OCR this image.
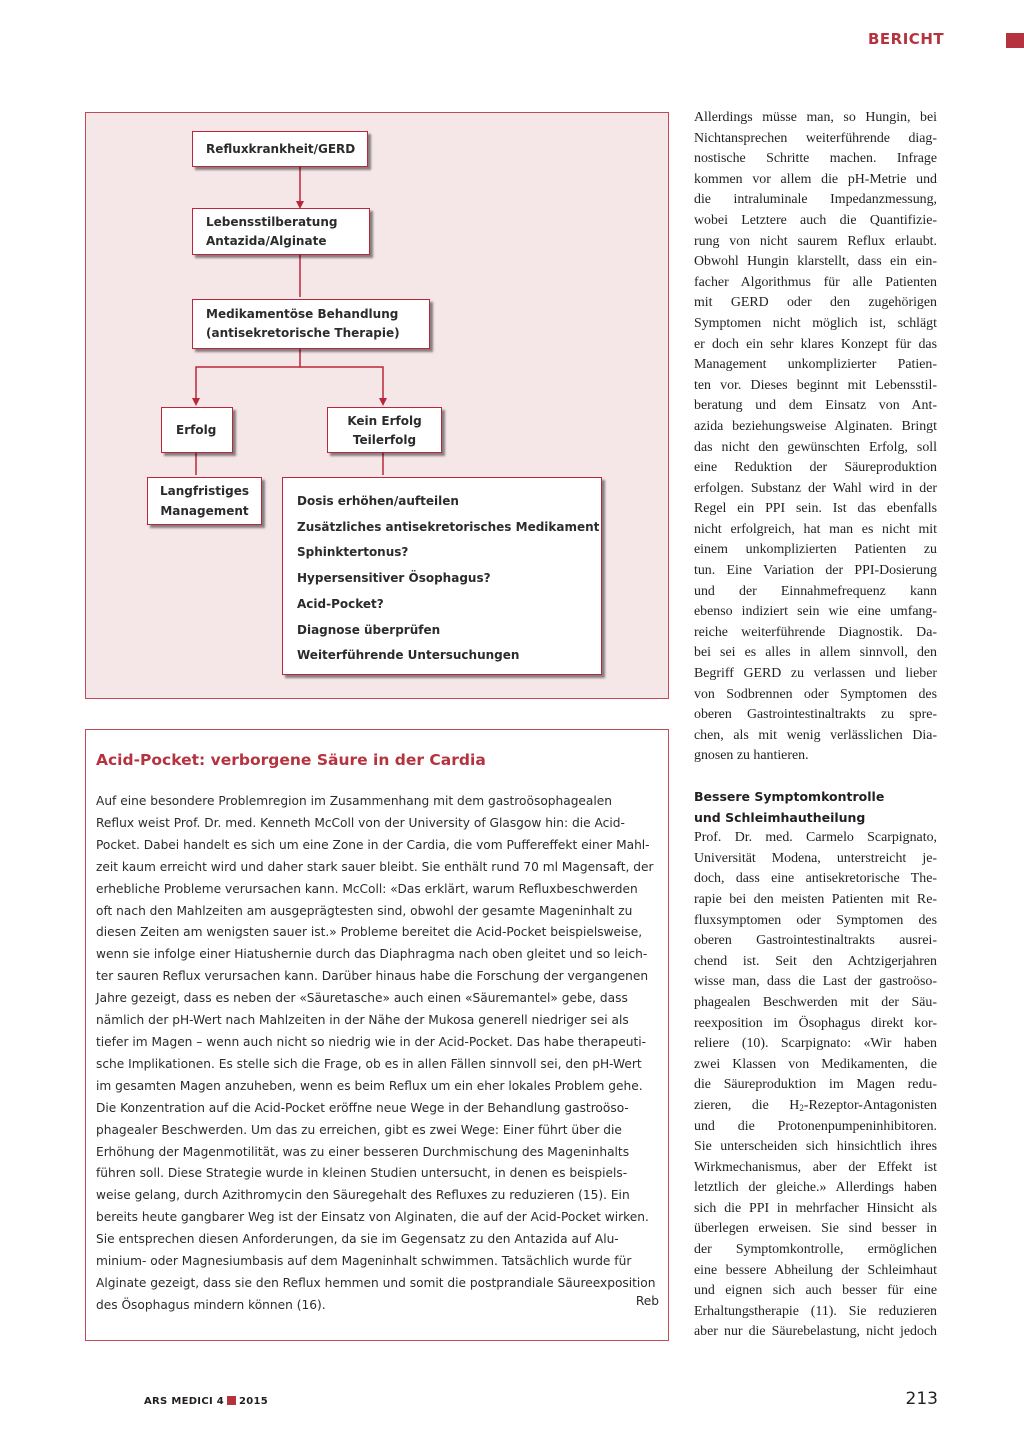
BERICHT
Refluxkrankheit/GERD
Lebensstilberatung
Antazida/Alginate
Medikamentöse Behandlung
(antisekretorische Therapie)
Erfolg
Kein Erfolg
Teilerfolg
Langfristiges
Management
Dosis erhöhen/aufteilen
Zusätzliches antisekretorisches Medikament
Sphinktertonus?
Hypersensitiver Ösophagus?
Acid-Pocket?
Diagnose überprüfen
Weiterführende Untersuchungen
Acid-Pocket: verborgene Säure in der Cardia
Auf eine besondere Problemregion im Zusammenhang mit dem gastroösophagealen
Reflux weist Prof. Dr. med. Kenneth McColl von der University of Glasgow hin: die Acid-
Pocket. Dabei handelt es sich um eine Zone in der Cardia, die vom Puffereffekt einer Mahl-
zeit kaum erreicht wird und daher stark sauer bleibt. Sie enthält rund 70 ml Magensaft, der
erhebliche Probleme verursachen kann. McColl: «Das erklärt, warum Refluxbeschwerden
oft nach den Mahlzeiten am ausgeprägtesten sind, obwohl der gesamte Mageninhalt zu
diesen Zeiten am wenigsten sauer ist.» Probleme bereitet die Acid-Pocket beispielsweise,
wenn sie infolge einer Hiatushernie durch das Diaphragma nach oben gleitet und so leich-
ter sauren Reflux verursachen kann. Darüber hinaus habe die Forschung der vergangenen
Jahre gezeigt, dass es neben der «Säuretasche» auch einen «Säuremantel» gebe, dass
nämlich der pH-Wert nach Mahlzeiten in der Nähe der Mukosa generell niedriger sei als
tiefer im Magen – wenn auch nicht so niedrig wie in der Acid-Pocket. Das habe therapeuti-
sche Implikationen. Es stelle sich die Frage, ob es in allen Fällen sinnvoll sei, den pH-Wert
im gesamten Magen anzuheben, wenn es beim Reflux um ein eher lokales Problem gehe.
Die Konzentration auf die Acid-Pocket eröffne neue Wege in der Behandlung gastroöso-
phagealer Beschwerden. Um das zu erreichen, gibt es zwei Wege: Einer führt über die
Erhöhung der Magenmotilität, was zu einer besseren Durchmischung des Mageninhalts
führen soll. Diese Strategie wurde in kleinen Studien untersucht, in denen es beispiels-
weise gelang, durch Azithromycin den Säuregehalt des Refluxes zu reduzieren (15). Ein
bereits heute gangbarer Weg ist der Einsatz von Alginaten, die auf der Acid-Pocket wirken.
Sie entsprechen diesen Anforderungen, da sie im Gegensatz zu den Antazida auf Alu-
minium- oder Magnesiumbasis auf dem Mageninhalt schwimmen. Tatsächlich wurde für
Alginate gezeigt, dass sie den Reflux hemmen und somit die postprandiale Säureexposition
des Ösophagus mindern können (16).	Reb
Allerdings müsse man, so Hungin, bei
Nichtansprechen weiterführende diag-
nostische Schritte machen. Infrage
kommen vor allem die pH-Metrie und
die intraluminale Impedanzmessung,
wobei Letztere auch die Quantifizie-
rung von nicht saurem Reflux erlaubt.
Obwohl Hungin klarstellt, dass ein ein-
facher Algorithmus für alle Patienten
mit GERD oder den zugehörigen
Symptomen nicht möglich ist, schlägt
er doch ein sehr klares Konzept für das
Management unkomplizierter Patien-
ten vor. Dieses beginnt mit Lebensstil-
beratung und dem Einsatz von Ant-
azida beziehungsweise Alginaten. Bringt
das nicht den gewünschten Erfolg, soll
eine Reduktion der Säureproduktion
erfolgen. Substanz der Wahl wird in der
Regel ein PPI sein. Ist das ebenfalls
nicht erfolgreich, hat man es nicht mit
einem unkomplizierten Patienten zu
tun. Eine Variation der PPI-Dosierung
und der Einnahmefrequenz kann
ebenso indiziert sein wie eine umfang-
reiche weiterführende Diagnostik. Da-
bei sei es alles in allem sinnvoll, den
Begriff GERD zu verlassen und lieber
von Sodbrennen oder Symptomen des
oberen Gastrointestinaltrakts zu spre-
chen, als mit wenig verlässlichen Dia-
gnosen zu hantieren.
Bessere Symptomkontrolle
und Schleimhautheilung
Prof. Dr. med. Carmelo Scarpignato,
Universität Modena, unterstreicht je-
doch, dass eine antisekretorische The-
rapie bei den meisten Patienten mit Re-
fluxsymptomen oder Symptomen des
oberen Gastrointestinaltrakts ausrei-
chend ist. Seit den Achtzigerjahren
wisse man, dass die Last der gastroöso-
phagealen Beschwerden mit der Säu-
reexposition im Ösophagus direkt kor-
reliere (10). Scarpignato: «Wir haben
zwei Klassen von Medikamenten, die
die Säureproduktion im Magen redu-
zieren, die $H_2-Rezeptor$-Antagonisten
und die Protonenpumpeninhibitoren.
Sie unterscheiden sich hinsichtlich ihres
Wirkmechanismus, aber der Effekt ist
letztlich der gleiche.» Allerdings haben
sich die PPI in mehrfacher Hinsicht als
überlegen erweisen. Sie sind besser in
der Symptomkontrolle, ermöglichen
eine bessere Abheilung der Schleimhaut
und eignen sich auch besser für eine
Erhaltungstherapie (11). Sie reduzieren
aber nur die Säurebelastung, nicht jedoch
ARS MEDICI 4 2015	213
